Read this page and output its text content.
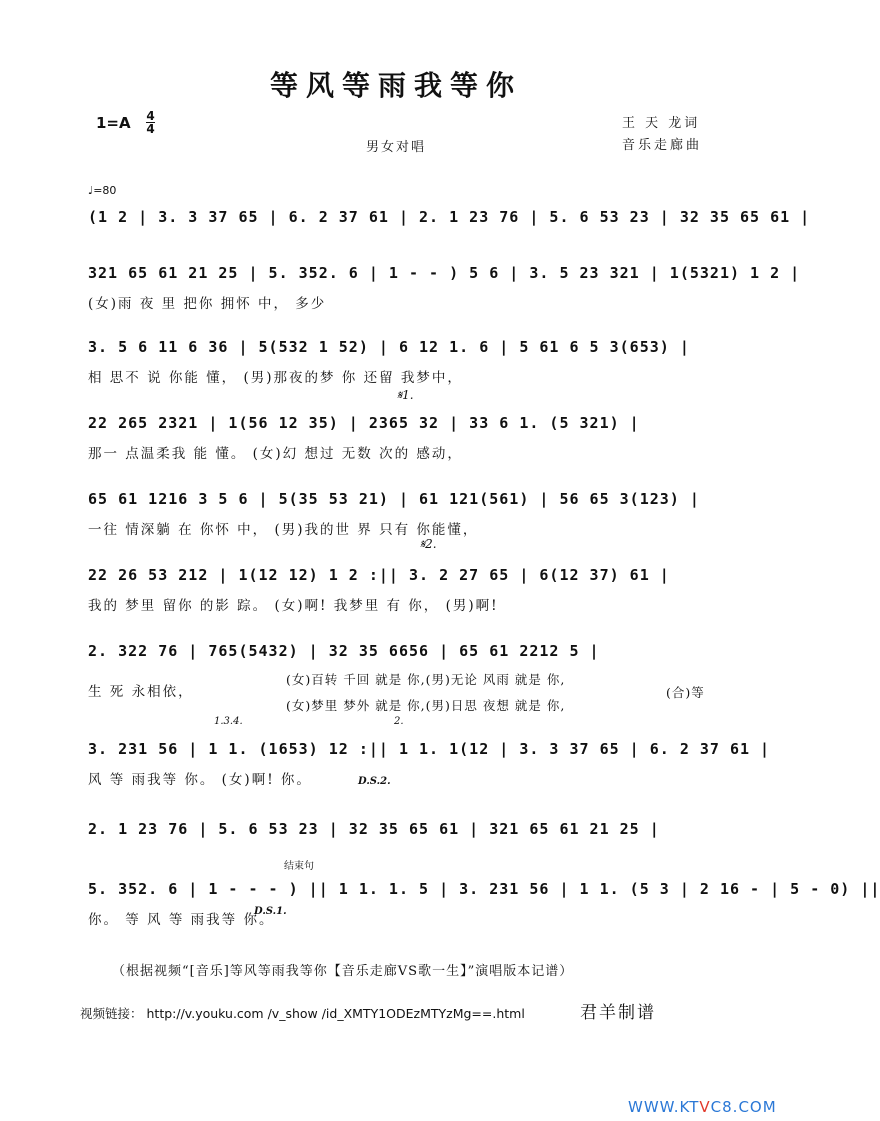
等风等雨我等你
1=A 4
4	王 天 龙词
音乐走廊曲
男女对唱
♩=80
𝄋1.
𝄋2.
1.3.4.	2.
D.S.2.
D.S.1.
结束句
(1 2 | 3. 3 37 65 | 6. 2 37 61 | 2. 1 23 76 | 5. 6 53 23 | 32 35 65 61 |
321 65 61 21 25 | 5. 352. 6 | 1 - - ) 5 6 | 3. 5 23 321 | 1(5321) 1 2 |
(女)雨 夜 里 把你 拥怀 中， 多少
3. 5 6 11 6 36 | 5(532 1 52) | 6 12 1. 6 | 5 61 6 5 3(653) |
相 思不 说 你能 懂， (男)那夜的梦 你 还留 我梦中，
22 265 2321 | 1(56 12 35) | 2365 32 | 33 6 1. (5 321) |
那一 点温柔我 能 懂。 (女)幻 想过 无数 次的 感动，
65 61 1216 3 5 6 | 5(35 53 21) | 61 121(561) | 56 65 3(123) |
一往 情深躺 在 你怀 中， (男)我的世 界 只有 你能懂，
22 26 53 212 | 1(12 12) 1 2 :|| 3. 2 27 65 | 6(12 37) 61 |
我的 梦里 留你 的影 踪。 (女)啊! 我梦里 有 你， (男)啊!
2. 322 76 | 765(5432) | 32 35 6656 | 65 61 2212 5 |
生 死 永相依，
(女)百转 千回 就是 你,(男)无论 风雨 就是 你,
(女)梦里 梦外 就是 你,(男)日思 夜想 就是 你,
(合)等
3. 231 56 | 1 1. (1653) 12 :|| 1 1. 1(12 | 3. 3 37 65 | 6. 2 37 61 |
风 等 雨我等 你。 (女)啊! 你。
2. 1 23 76 | 5. 6 53 23 | 32 35 65 61 | 321 65 61 21 25 |
5. 352. 6 | 1 - - - ) || 1 1. 1. 5 | 3. 231 56 | 1 1. (5 3 | 2 16 - | 5 - 0) ||
你。 等 风 等 雨我等 你。
（根据视频“[音乐]等风等雨我等你【音乐走廊VS歌一生】”演唱版本记谱）
视频链接： http://v.youku.com /v_show /id_XMTY1ODEzMTYzMg==.html	君羊制谱
WWW.KTVC8.COM
